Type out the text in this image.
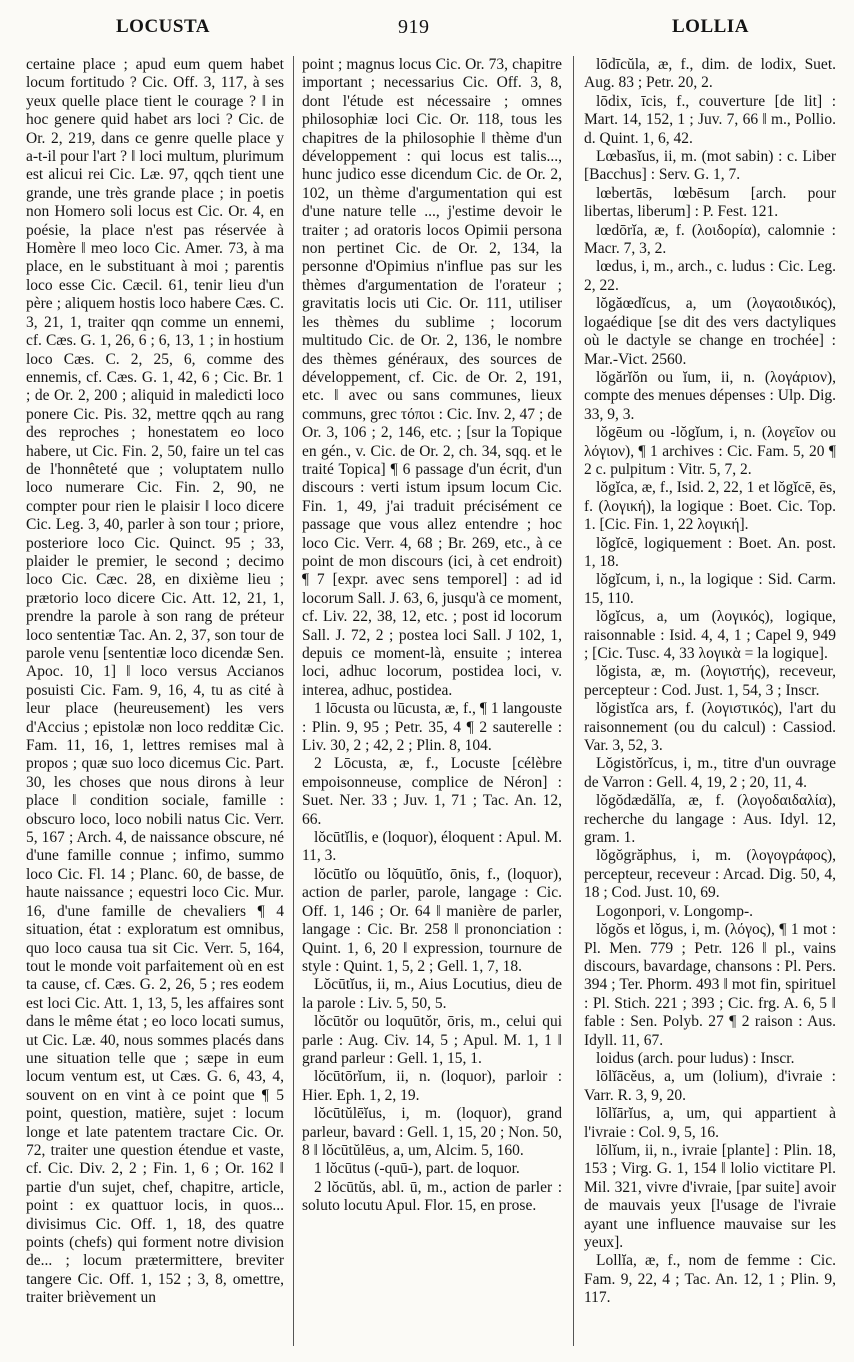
LOCUSTA	919	LOLLIA

certaine place ; apud eum quem habet locum fortitudo ? Cic. Off. 3, 117, à ses yeux quelle place tient le courage ? ‖ in hoc genere quid habet ars loci ? Cic. de Or. 2, 219, dans ce genre quelle place y a-t-il pour l'art ? ‖ loci multum, plurimum est alicui rei Cic. Læ. 97, qqch tient une grande, une très grande place ; in poetis non Homero soli locus est Cic. Or. 4, en poésie, la place n'est pas réservée à Homère ‖ meo loco Cic. Amer. 73, à ma place, en le substituant à moi ; parentis loco esse Cic. Cæcil. 61, tenir lieu d'un père ; aliquem hostis loco habere Cæs. C. 3, 21, 1, traiter qqn comme un ennemi, cf. Cæs. G. 1, 26, 6 ; 6, 13, 1 ; in hostium loco Cæs. C. 2, 25, 6, comme des ennemis, cf. Cæs. G. 1, 42, 6 ; Cic. Br. 1 ; de Or. 2, 200 ; aliquid in maledicti loco ponere Cic. Pis. 32, mettre qqch au rang des reproches ; honestatem eo loco habere, ut Cic. Fin. 2, 50, faire un tel cas de l'honnêteté que ; voluptatem nullo loco numerare Cic. Fin. 2, 90, ne compter pour rien le plaisir ‖ loco dicere Cic. Leg. 3, 40, parler à son tour ; priore, posteriore loco Cic. Quinct. 95 ; 33, plaider le premier, le second ; decimo loco Cic. Cæc. 28, en dixième lieu ; prætorio loco dicere Cic. Att. 12, 21, 1, prendre la parole à son rang de préteur loco sententiæ Tac. An. 2, 37, son tour de parole venu [sententiæ loco dicendæ Sen. Apoc. 10, 1] ‖ loco versus Accianos posuisti Cic. Fam. 9, 16, 4, tu as cité à leur place (heureusement) les vers d'Accius ; epistolæ non loco redditæ Cic. Fam. 11, 16, 1, lettres remises mal à propos ; quæ suo loco dicemus Cic. Part. 30, les choses que nous dirons à leur place ‖ condition sociale, famille : obscuro loco, loco nobili natus Cic. Verr. 5, 167 ; Arch. 4, de naissance obscure, né d'une famille connue ; infimo, summo loco Cic. Fl. 14 ; Planc. 60, de basse, de haute naissance ; equestri loco Cic. Mur. 16, d'une famille de chevaliers ¶ 4 situation, état : exploratum est omnibus, quo loco causa tua sit Cic. Verr. 5, 164, tout le monde voit parfaitement où en est ta cause, cf. Cæs. G. 2, 26, 5 ; res eodem est loci Cic. Att. 1, 13, 5, les affaires sont dans le même état ; eo loco locati sumus, ut Cic. Læ. 40, nous sommes placés dans une situation telle que ; sæpe in eum locum ventum est, ut Cæs. G. 6, 43, 4, souvent on en vint à ce point que ¶ 5 point, question, matière, sujet : locum longe et late patentem tractare Cic. Or. 72, traiter une question étendue et vaste, cf. Cic. Div. 2, 2 ; Fin. 1, 6 ; Or. 162 ‖ partie d'un sujet, chef, chapitre, article, point : ex quattuor locis, in quos... divisimus Cic. Off. 1, 18, des quatre points (chefs) qui forment notre division de... ; locum prætermittere, breviter tangere Cic. Off. 1, 152 ; 3, 8, omettre, traiter brièvement un

point ; magnus locus Cic. Or. 73, chapitre important ; necessarius Cic. Off. 3, 8, dont l'étude est nécessaire ; omnes philosophiæ loci Cic. Or. 118, tous les chapitres de la philosophie ‖ thème d'un développement : qui locus est talis..., hunc judico esse dicendum Cic. de Or. 2, 102, un thème d'argumentation qui est d'une nature telle ..., j'estime devoir le traiter ; ad oratoris locos Opimii persona non pertinet Cic. de Or. 2, 134, la personne d'Opimius n'influe pas sur les thèmes d'argumentation de l'orateur ; gravitatis locis uti Cic. Or. 111, utiliser les thèmes du sublime ; locorum multitudo Cic. de Or. 2, 136, le nombre des thèmes généraux, des sources de développement, cf. Cic. de Or. 2, 191, etc. ‖ avec ou sans communes, lieux communs, grec τόποι : Cic. Inv. 2, 47 ; de Or. 3, 106 ; 2, 146, etc. ; [sur la Topique en gén., v. Cic. de Or. 2, ch. 34, sqq. et le traité Topica] ¶ 6 passage d'un écrit, d'un discours : verti istum ipsum locum Cic. Fin. 1, 49, j'ai traduit précisément ce passage que vous allez entendre ; hoc loco Cic. Verr. 4, 68 ; Br. 269, etc., à ce point de mon discours (ici, à cet endroit) ¶ 7 [expr. avec sens temporel] : ad id locorum Sall. J. 63, 6, jusqu'à ce moment, cf. Liv. 22, 38, 12, etc. ; post id locorum Sall. J. 72, 2 ; postea loci Sall. J 102, 1, depuis ce moment-là, ensuite ; interea loci, adhuc locorum, postidea loci, v. interea, adhuc, postidea.

1 lōcusta ou lūcusta, æ, f., ¶ 1 langouste : Plin. 9, 95 ; Petr. 35, 4 ¶ 2 sauterelle : Liv. 30, 2 ; 42, 2 ; Plin. 8, 104.

2 Lōcusta, æ, f., Locuste [célèbre empoisonneuse, complice de Néron] : Suet. Ner. 33 ; Juv. 1, 71 ; Tac. An. 12, 66.

lŏcūtĭlis, e (loquor), éloquent : Apul. M. 11, 3.

lŏcūtĭo ou lŏquūtĭo, ōnis, f., (loquor), action de parler, parole, langage : Cic. Off. 1, 146 ; Or. 64 ‖ manière de parler, langage : Cic. Br. 258 ‖ prononciation : Quint. 1, 6, 20 ‖ expression, tournure de style : Quint. 1, 5, 2 ; Gell. 1, 7, 18.

Lŏcūtĭus, ii, m., Aius Locutius, dieu de la parole : Liv. 5, 50, 5.

lŏcūtŏr ou loquūtŏr, ōris, m., celui qui parle : Aug. Civ. 14, 5 ; Apul. M. 1, 1 ‖ grand parleur : Gell. 1, 15, 1.

lŏcūtōrĭum, ii, n. (loquor), parloir : Hier. Eph. 1, 2, 19.

lŏcūtŭlēĭus, i, m. (loquor), grand parleur, bavard : Gell. 1, 15, 20 ; Non. 50, 8 ‖ lŏcūtŭlēus, a, um, Alcim. 5, 160.

1 lŏcūtus (-quū-), part. de loquor.

2 lŏcūtŭs, abl. ū, m., action de parler : soluto locutu Apul. Flor. 15, en prose.

lōdīcŭla, æ, f., dim. de lodix, Suet. Aug. 83 ; Petr. 20, 2.

lōdix, īcis, f., couverture [de lit] : Mart. 14, 152, 1 ; Juv. 7, 66 ‖ m., Pollio. d. Quint. 1, 6, 42.

Lœbasĭus, ii, m. (mot sabin) : c. Liber [Bacchus] : Serv. G. 1, 7.

lœbertās, lœbēsum [arch. pour libertas, liberum] : P. Fest. 121.

lœdōrĭa, æ, f. (λοιδορία), calomnie : Macr. 7, 3, 2.

lœdus, i, m., arch., c. ludus : Cic. Leg. 2, 22.

lŏgăœdĭcus, a, um (λογαοιδικός), logaédique [se dit des vers dactyliques où le dactyle se change en trochée] : Mar.-Vict. 2560.

lŏgărĭŏn ou ĭum, ii, n. (λογάριον), compte des menues dépenses : Ulp. Dig. 33, 9, 3.

lŏgēum ou -lŏgĭum, i, n. (λογεῖον ou λόγιον), ¶ 1 archives : Cic. Fam. 5, 20 ¶ 2 c. pulpitum : Vitr. 5, 7, 2.

lŏgĭca, æ, f., Isid. 2, 22, 1 et lŏgĭcē, ēs, f. (λογική), la logique : Boet. Cic. Top. 1. [Cic. Fin. 1, 22 λογική].

lŏgĭcē, logiquement : Boet. An. post. 1, 18.

lŏgĭcum, i, n., la logique : Sid. Carm. 15, 110.

lŏgĭcus, a, um (λογικός), logique, raisonnable : Isid. 4, 4, 1 ; Capel 9, 949 ; [Cic. Tusc. 4, 33 λογικὰ = la logique].

lŏgista, æ, m. (λογιστής), receveur, percepteur : Cod. Just. 1, 54, 3 ; Inscr.

lŏgistĭca ars, f. (λογιστικός), l'art du raisonnement (ou du calcul) : Cassiod. Var. 3, 52, 3.

Lŏgistŏrĭcus, i, m., titre d'un ouvrage de Varron : Gell. 4, 19, 2 ; 20, 11, 4.

lŏgŏdædălĭa, æ, f. (λογοδαιδαλία), recherche du langage : Aus. Idyl. 12, gram. 1.

lŏgŏgrăphus, i, m. (λογογράφος), percepteur, receveur : Arcad. Dig. 50, 4, 18 ; Cod. Just. 10, 69.

Logonpori, v. Longomp-.

lŏgŏs et lŏgus, i, m. (λόγος), ¶ 1 mot : Pl. Men. 779 ; Petr. 126 ‖ pl., vains discours, bavardage, chansons : Pl. Pers. 394 ; Ter. Phorm. 493 ‖ mot fin, spirituel : Pl. Stich. 221 ; 393 ; Cic. frg. A. 6, 5 ‖ fable : Sen. Polyb. 27 ¶ 2 raison : Aus. Idyll. 11, 67.

loidus (arch. pour ludus) : Inscr.

lōlĭācĕus, a, um (lolium), d'ivraie : Varr. R. 3, 9, 20.

lōlĭārĭus, a, um, qui appartient à l'ivraie : Col. 9, 5, 16.

lōlĭum, ii, n., ivraie [plante] : Plin. 18, 153 ; Virg. G. 1, 154 ‖ lolio victitare Pl. Mil. 321, vivre d'ivraie, [par suite] avoir de mauvais yeux [l'usage de l'ivraie ayant une influence mauvaise sur les yeux].

Lollĭa, æ, f., nom de femme : Cic. Fam. 9, 22, 4 ; Tac. An. 12, 1 ; Plin. 9, 117.
